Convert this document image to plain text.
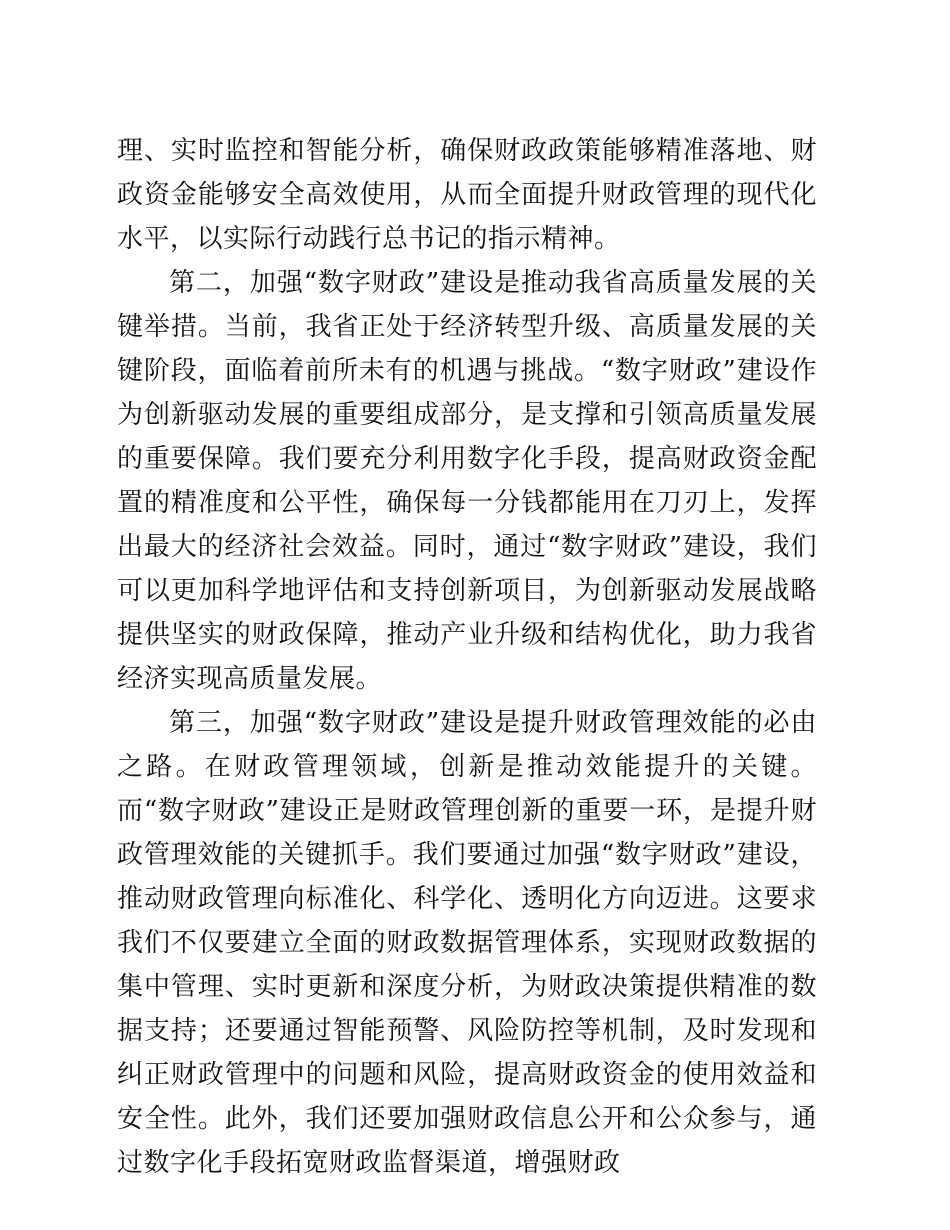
理、实时监控和智能分析，确保财政政策能够精准落地、财政资金能够安全高效使用，从而全面提升财政管理的现代化水平，以实际行动践行总书记的指示精神。

第二，加强“数字财政”建设是推动我省高质量发展的关键举措。当前，我省正处于经济转型升级、高质量发展的关键阶段，面临着前所未有的机遇与挑战。“数字财政”建设作为创新驱动发展的重要组成部分，是支撑和引领高质量发展的重要保障。我们要充分利用数字化手段，提高财政资金配置的精准度和公平性，确保每一分钱都能用在刀刃上，发挥出最大的经济社会效益。同时，通过“数字财政”建设，我们可以更加科学地评估和支持创新项目，为创新驱动发展战略提供坚实的财政保障，推动产业升级和结构优化，助力我省经济实现高质量发展。

第三，加强“数字财政”建设是提升财政管理效能的必由之路。在财政管理领域，创新是推动效能提升的关键。而“数字财政”建设正是财政管理创新的重要一环，是提升财政管理效能的关键抓手。我们要通过加强“数字财政”建设，推动财政管理向标准化、科学化、透明化方向迈进。这要求我们不仅要建立全面的财政数据管理体系，实现财政数据的集中管理、实时更新和深度分析，为财政决策提供精准的数据支持；还要通过智能预警、风险防控等机制，及时发现和纠正财政管理中的问题和风险，提高财政资金的使用效益和安全性。此外，我们还要加强财政信息公开和公众参与，通过数字化手段拓宽财政监督渠道，增强财政
